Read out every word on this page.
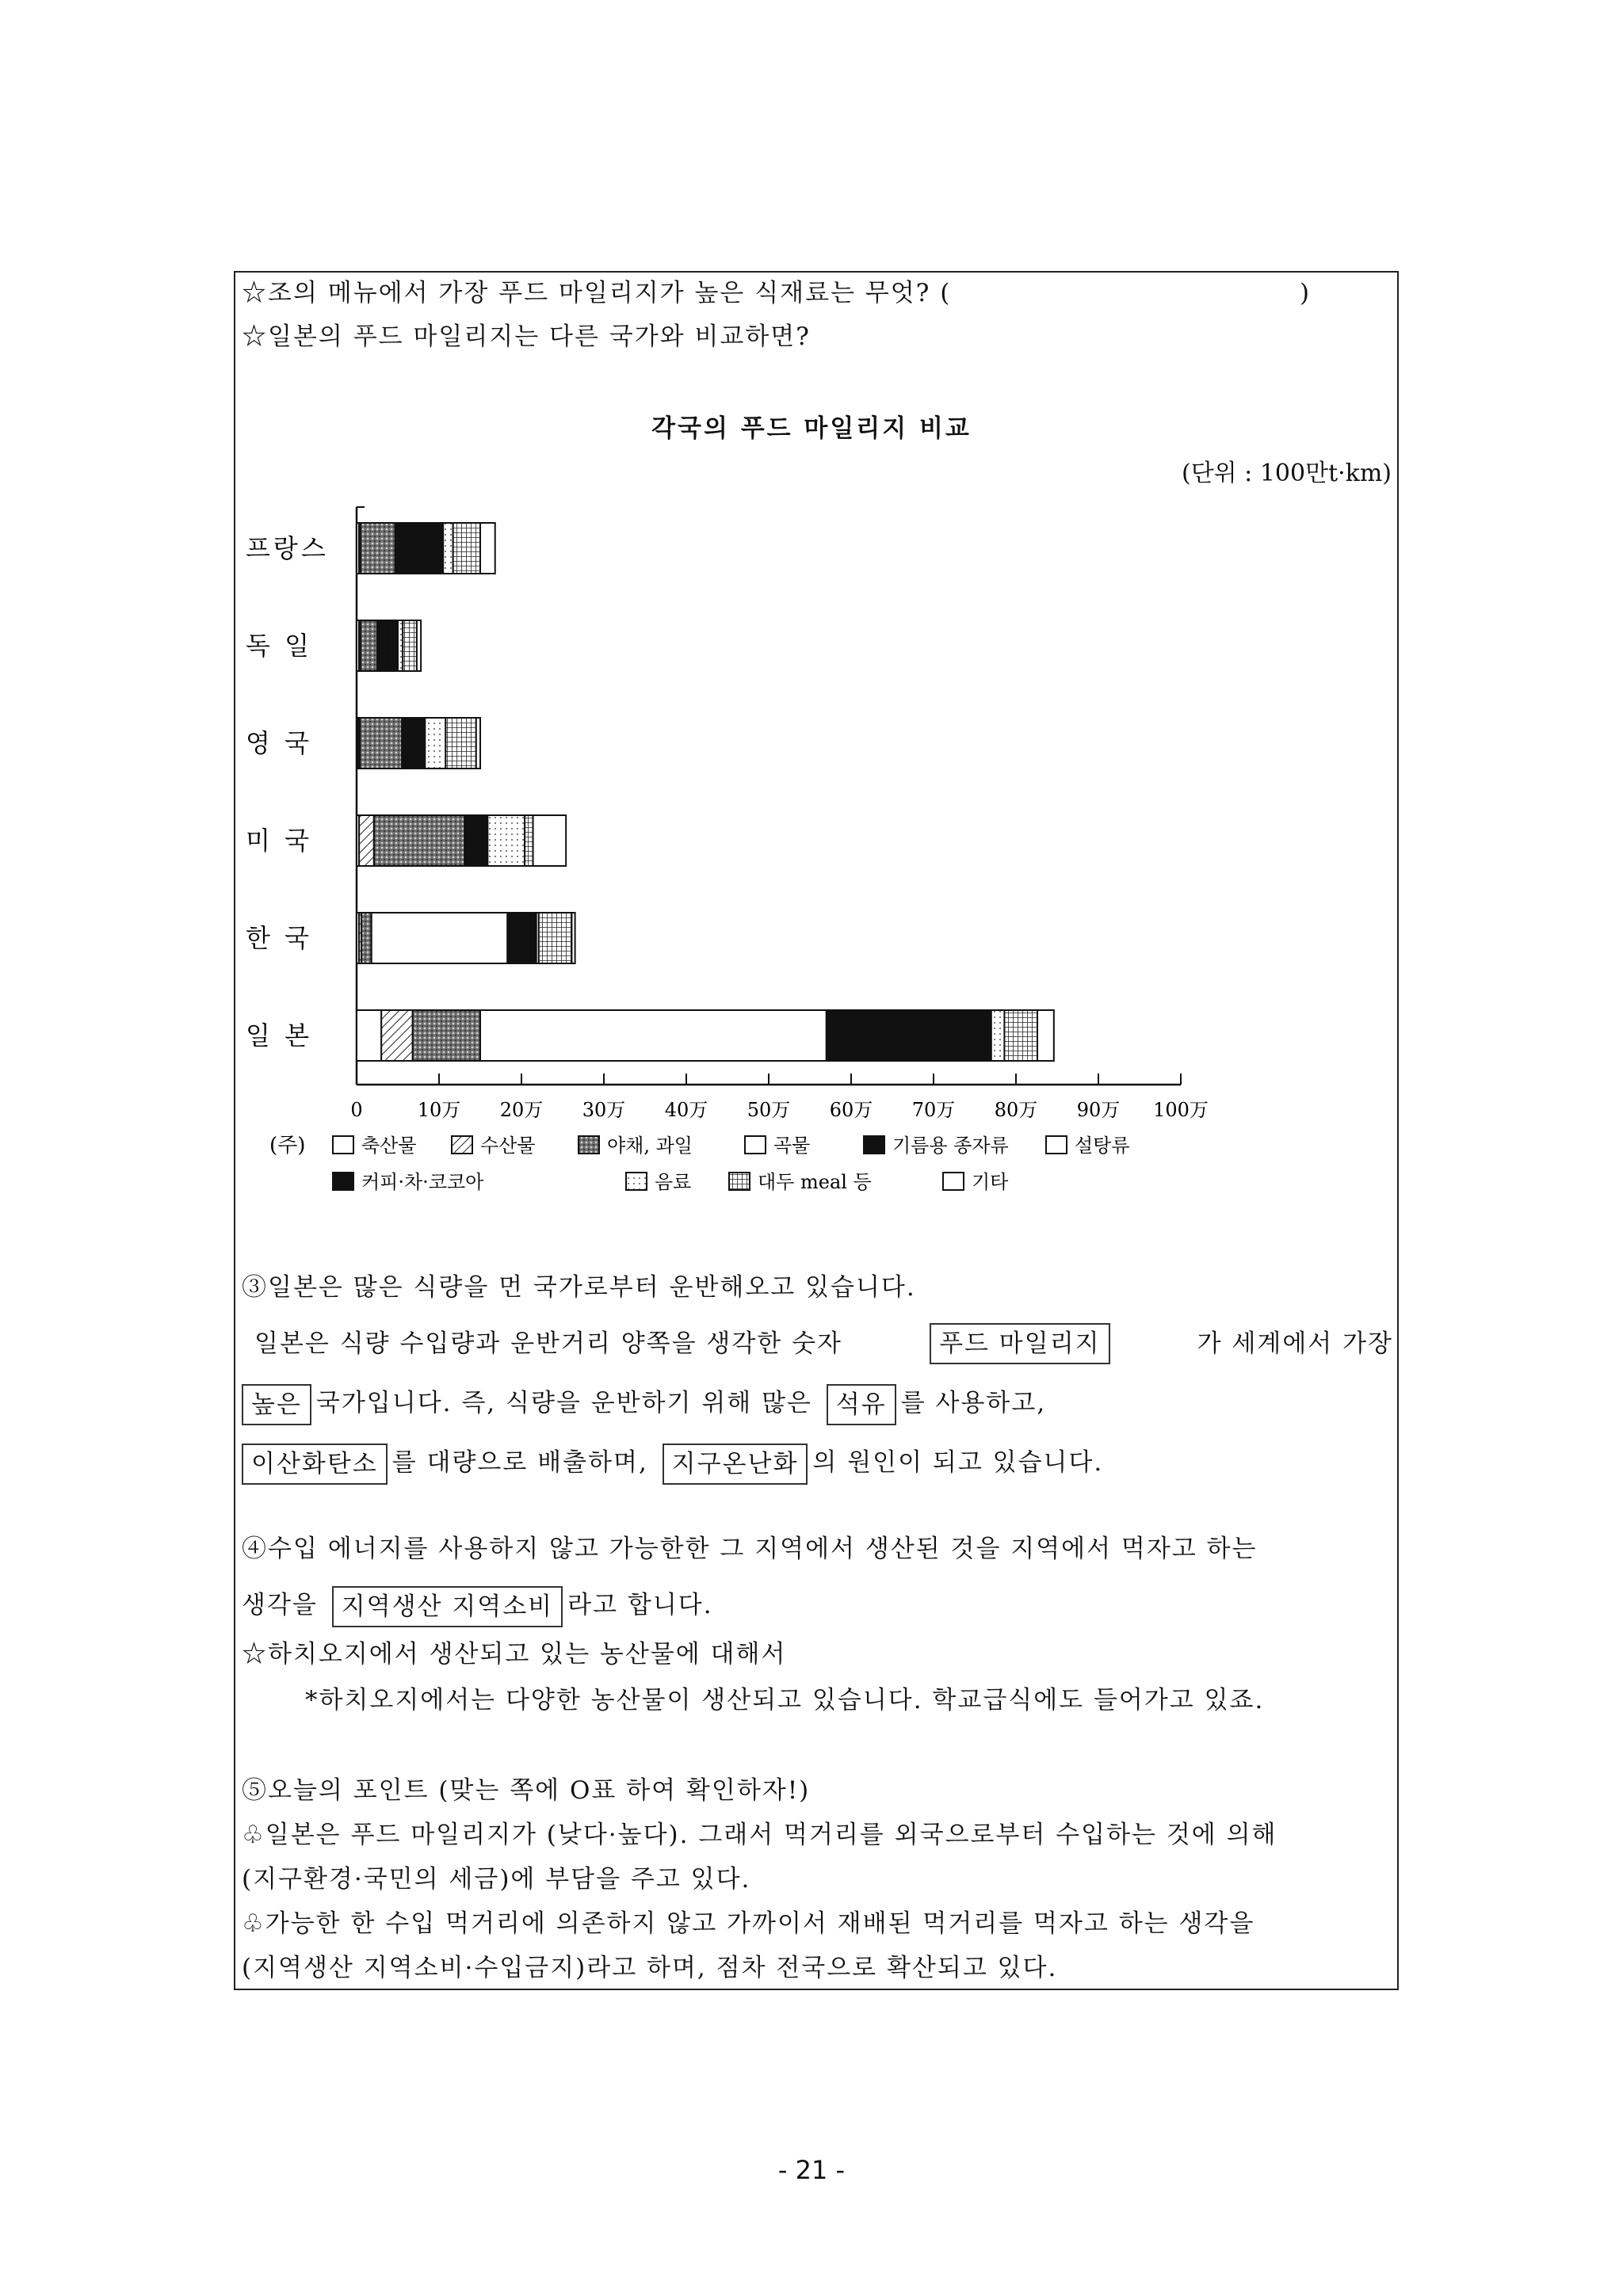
☆조의 메뉴에서 가장 푸드 마일리지가 높은 식재료는 무엇? (	)
☆일본의 푸드 마일리지는 다른 국가와 비교하면?
각국의 푸드 마일리지 비교
(단위 : 100만t·km)
0	10万 20万 30万 40万 50万 60万 70万 80万 90万 100万
프랑스
독 일
영 국
미 국
한 국
일 본
(주)	축산물	수산물	야채, 과일	곡물	기름용 종자류	설탕류
커피·차·코코아	음료	대두 meal 등	기타
③일본은 많은 식량을 먼 국가로부터 운반해오고 있습니다.
일본은 식량 수입량과 운반거리 양쪽을 생각한 숫자	푸드 마일리지	가 세계에서 가장
높은 국가입니다. 즉, 식량을 운반하기 위해 많은 석유 를 사용하고,
이산화탄소 를 대량으로 배출하며, 지구온난화 의 원인이 되고 있습니다.
④수입 에너지를 사용하지 않고 가능한한 그 지역에서 생산된 것을 지역에서 먹자고 하는
생각을 지역생산 지역소비 라고 합니다.
☆하치오지에서 생산되고 있는 농산물에 대해서
*하치오지에서는 다양한 농산물이 생산되고 있습니다. 학교급식에도 들어가고 있죠.
⑤오늘의 포인트 (맞는 쪽에 O표 하여 확인하자!)
♧일본은 푸드 마일리지가 (낮다·높다). 그래서 먹거리를 외국으로부터 수입하는 것에 의해
(지구환경·국민의 세금)에 부담을 주고 있다.
♧가능한 한 수입 먹거리에 의존하지 않고 가까이서 재배된 먹거리를 먹자고 하는 생각을
(지역생산 지역소비·수입금지)라고 하며, 점차 전국으로 확산되고 있다.
- 21 -
